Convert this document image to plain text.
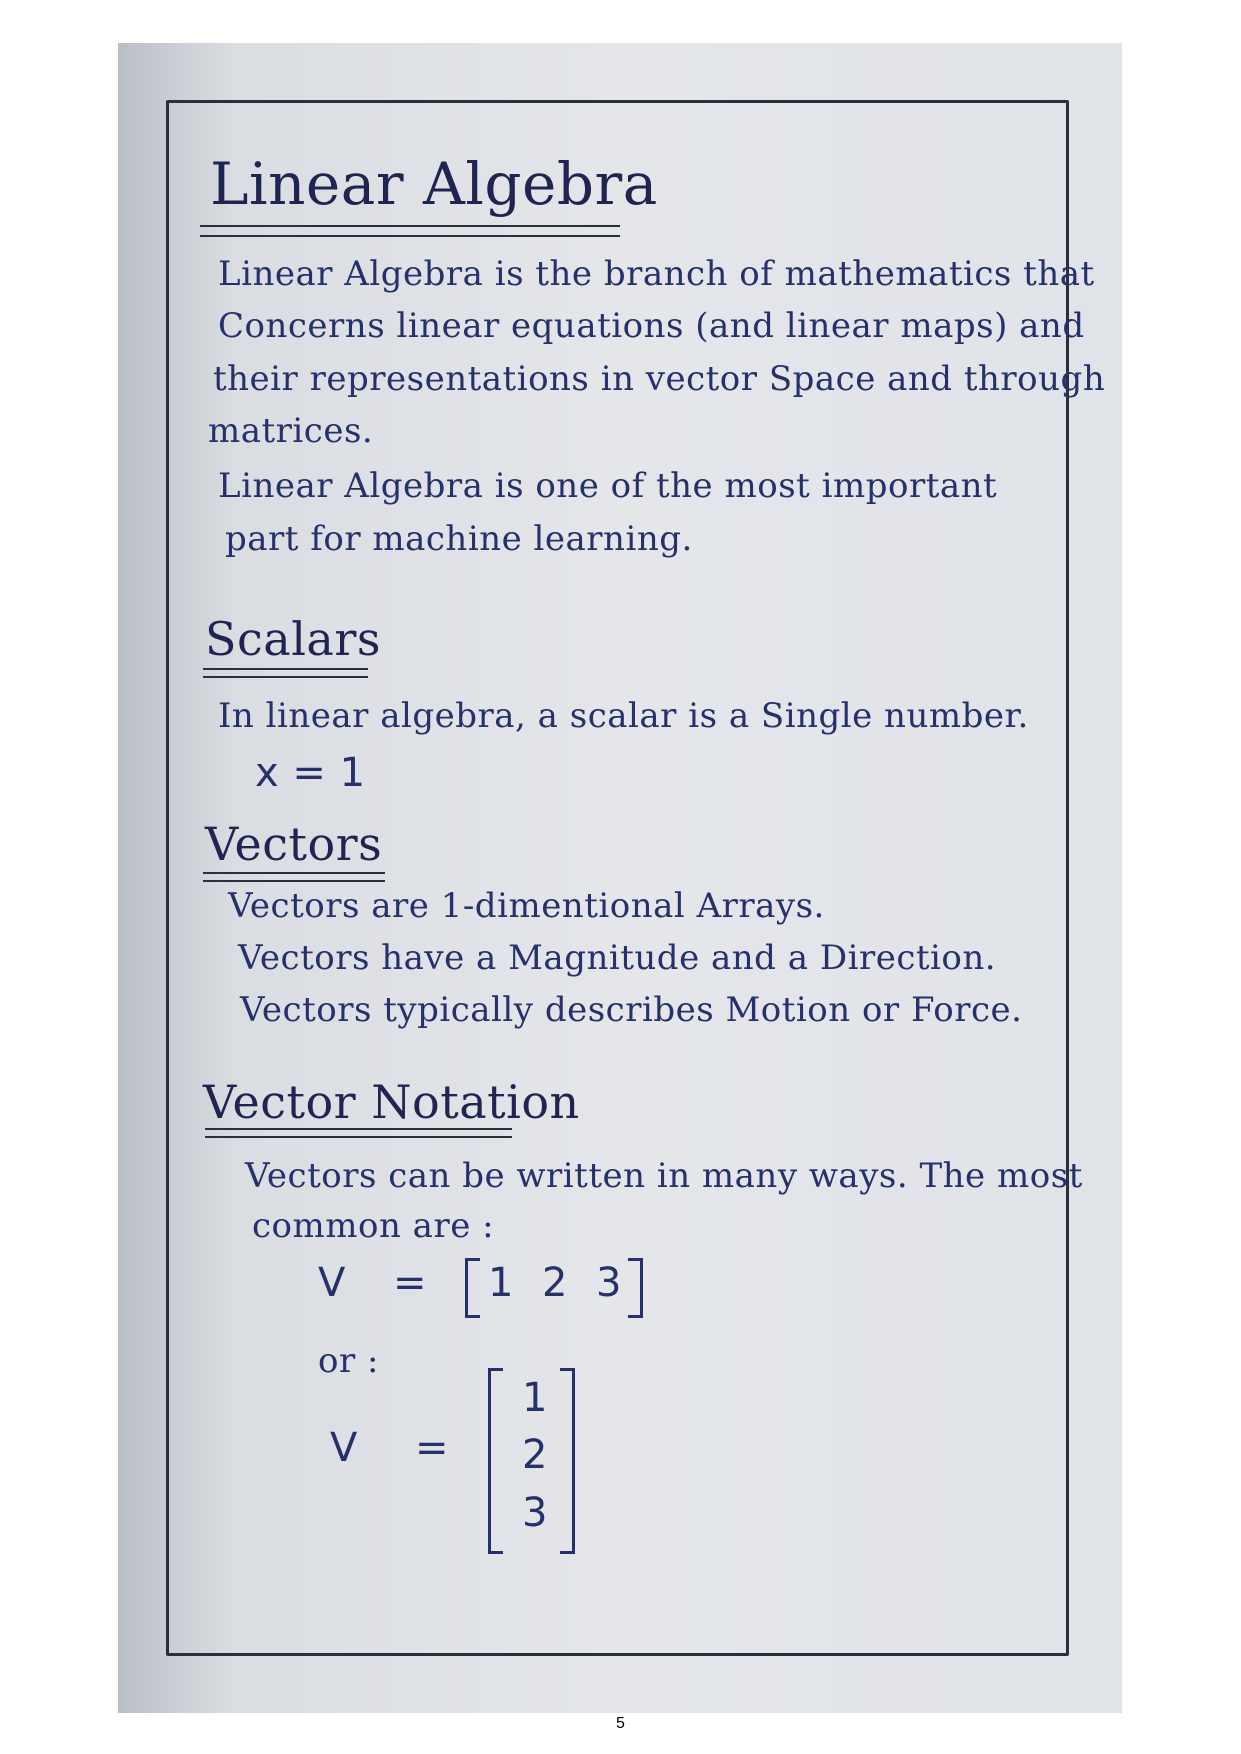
Linear Algebra
Linear Algebra is the branch of mathematics that
Concerns linear equations (and linear maps) and
their representations in vector Space and through
matrices.
Linear Algebra is one of the most important
part for machine learning.
Scalars
In linear algebra, a scalar is a Single number.
x = 1
Vectors
Vectors are 1-dimentional Arrays.
Vectors have a Magnitude and a Direction.
Vectors typically describes Motion or Force.
Vector Notation
Vectors can be written in many ways. The most
common are :
V = 1 2 3
or :
V =
1
2
3
5
